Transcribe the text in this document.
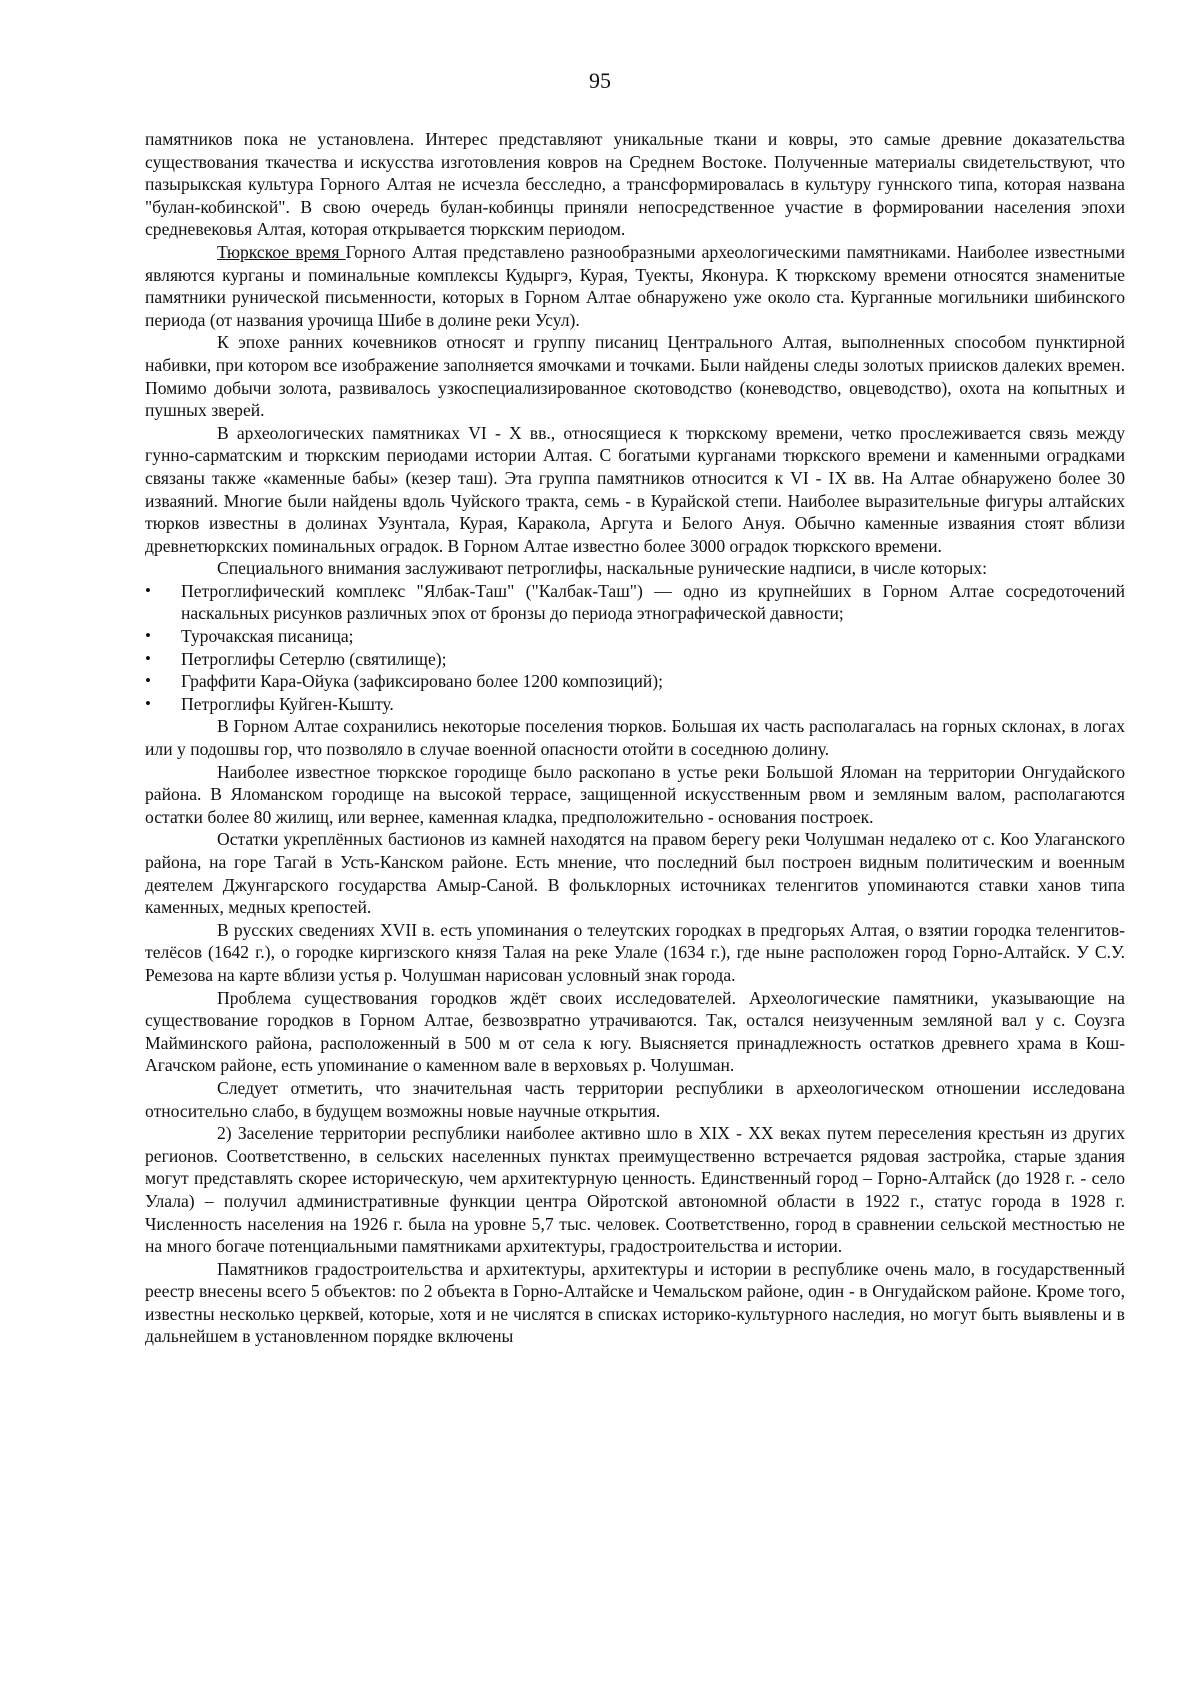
95

памятников пока не установлена. Интерес представляют уникальные ткани и ковры, это самые древние доказательства существования ткачества и искусства изготовления ковров на Среднем Востоке. Полученные материалы свидетельствуют, что пазырыкская культура Горного Алтая не исчезла бесследно, а трансформировалась в культуру гуннского типа, которая названа "булан-кобинской". В свою очередь булан-кобинцы приняли непосредственное участие в формировании населения эпохи средневековья Алтая, которая открывается тюркским периодом.

Тюркское время Горного Алтая представлено разнообразными археологическими памятниками. Наиболее известными являются курганы и поминальные комплексы Кудыргэ, Курая, Туекты, Яконура. К тюркскому времени относятся знаменитые памятники рунической письменности, которых в Горном Алтае обнаружено уже около ста. Курганные могильники шибинского периода (от названия урочища Шибе в долине реки Усул).

К эпохе ранних кочевников относят и группу писаниц Центрального Алтая, выполненных способом пунктирной набивки, при котором все изображение заполняется ямочками и точками. Были найдены следы золотых приисков далеких времен. Помимо добычи золота, развивалось узкоспециализированное скотоводство (коневодство, овцеводство), охота на копытных и пушных зверей.

В археологических памятниках VI - X вв., относящиеся к тюркскому времени, четко прослеживается связь между гунно-сарматским и тюркским периодами истории Алтая. С богатыми курганами тюркского времени и каменными оградками связаны также «каменные бабы» (кезер таш). Эта группа памятников относится к VI - IX вв. На Алтае обнаружено более 30 изваяний. Многие были найдены вдоль Чуйского тракта, семь - в Курайской степи. Наиболее выразительные фигуры алтайских тюрков известны в долинах Узунтала, Курая, Каракола, Аргута и Белого Ануя. Обычно каменные изваяния стоят вблизи древнетюркских поминальных оградок. В Горном Алтае известно более 3000 оградок тюркского времени.

Специального внимания заслуживают петроглифы, наскальные рунические надписи, в числе которых:

•	Петроглифический комплекс "Ялбак-Таш" ("Калбак-Таш") — одно из крупнейших в Горном Алтае сосредоточений наскальных рисунков различных эпох от бронзы до периода этнографической давности;
•	Турочакская писаница;
•	Петроглифы Сетерлю (святилище);
•	Граффити Кара-Ойука (зафиксировано более 1200 композиций);
•	Петроглифы Куйген-Кышту.

В Горном Алтае сохранились некоторые поселения тюрков. Большая их часть располагалась на горных склонах, в логах или у подошвы гор, что позволяло в случае военной опасности отойти в соседнюю долину.

Наиболее известное тюркское городище было раскопано в устье реки Большой Яломан на территории Онгудайского района. В Яломанском городище на высокой террасе, защищенной искусственным рвом и земляным валом, располагаются остатки более 80 жилищ, или вернее, каменная кладка, предположительно - основания построек.

Остатки укреплённых бастионов из камней находятся на правом берегу реки Чолушман недалеко от с. Коо Улаганского района, на горе Тагай в Усть-Канском районе. Есть мнение, что последний был построен видным политическим и военным деятелем Джунгарского государства Амыр-Саной. В фольклорных источниках теленгитов упоминаются ставки ханов типа каменных, медных крепостей.

В русских сведениях XVII в. есть упоминания о телеутских городках в предгорьях Алтая, о взятии городка теленгитов-телёсов (1642 г.), о городке киргизского князя Талая на реке Улале (1634 г.), где ныне расположен город Горно-Алтайск. У С.У. Ремезова на карте вблизи устья р. Чолушман нарисован условный знак города.

Проблема существования городков ждёт своих исследователей. Археологические памятники, указывающие на существование городков в Горном Алтае, безвозвратно утрачиваются. Так, остался неизученным земляной вал у с. Соузга Майминского района, расположенный в 500 м от села к югу. Выясняется принадлежность остатков древнего храма в Кош-Агачском районе, есть упоминание о каменном вале в верховьях р. Чолушман.

Следует отметить, что значительная часть территории республики в археологическом отношении исследована относительно слабо, в будущем возможны новые научные открытия.

2) Заселение территории республики наиболее активно шло в XIX - XX веках путем переселения крестьян из других регионов. Соответственно, в сельских населенных пунктах преимущественно встречается рядовая застройка, старые здания могут представлять скорее историческую, чем архитектурную ценность. Единственный город – Горно-Алтайск (до 1928 г. - село Улала) – получил административные функции центра Ойротской автономной области в 1922 г., статус города в 1928 г. Численность населения на 1926 г. была на уровне 5,7 тыс. человек. Соответственно, город в сравнении сельской местностью не на много богаче потенциальными памятниками архитектуры, градостроительства и истории.

Памятников градостроительства и архитектуры, архитектуры и истории в республике очень мало, в государственный реестр внесены всего 5 объектов: по 2 объекта в Горно-Алтайске и Чемальском районе, один - в Онгудайском районе. Кроме того, известны несколько церквей, которые, хотя и не числятся в списках историко-культурного наследия, но могут быть выявлены и в дальнейшем в установленном порядке включены
